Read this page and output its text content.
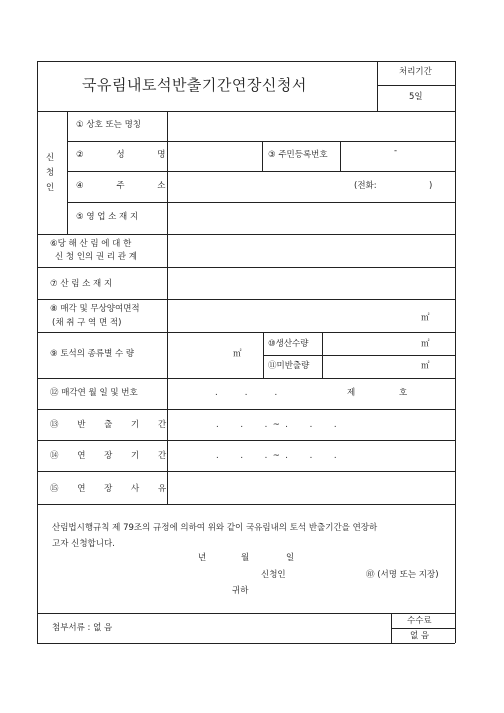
국유림내토석반출기간연장신청서
처리기간
5일
신
청
인
① 상호 또는 명칭
② 성 명	③ 주민등록번호	-
④ 주 소	(전화:	)
⑤ 영 업 소 재 지
⑥당 해 산 림 에 대 한
신 청 인의 권 리 관 계
⑦ 산 림 소 재 지
⑧ 매각 및 무상양여면적
(채 취 구 역 면 적)	㎡
⑨ 토석의 종류별 수 량	㎡
⑩생산수량	㎡
⑪미반출량	㎡
⑫ 매각연 월 일 및 번호	.          .          .	제	호
⑬ 반 출 기 간	.        .        .  ~  .        .        .
⑭ 연 장 기 간	.        .        .  ~  .        .        .
⑮ 연 장 사 유
산림법시행규칙 제 79조의 규정에 의하여 위와 같이 국유림내의 토석 반출기간을 연장하
고자 신청합니다.
년	월	일
신청인	㊞ (서명 또는 지장)
귀하
첨부서류 : 없 음
수수료
없 음
